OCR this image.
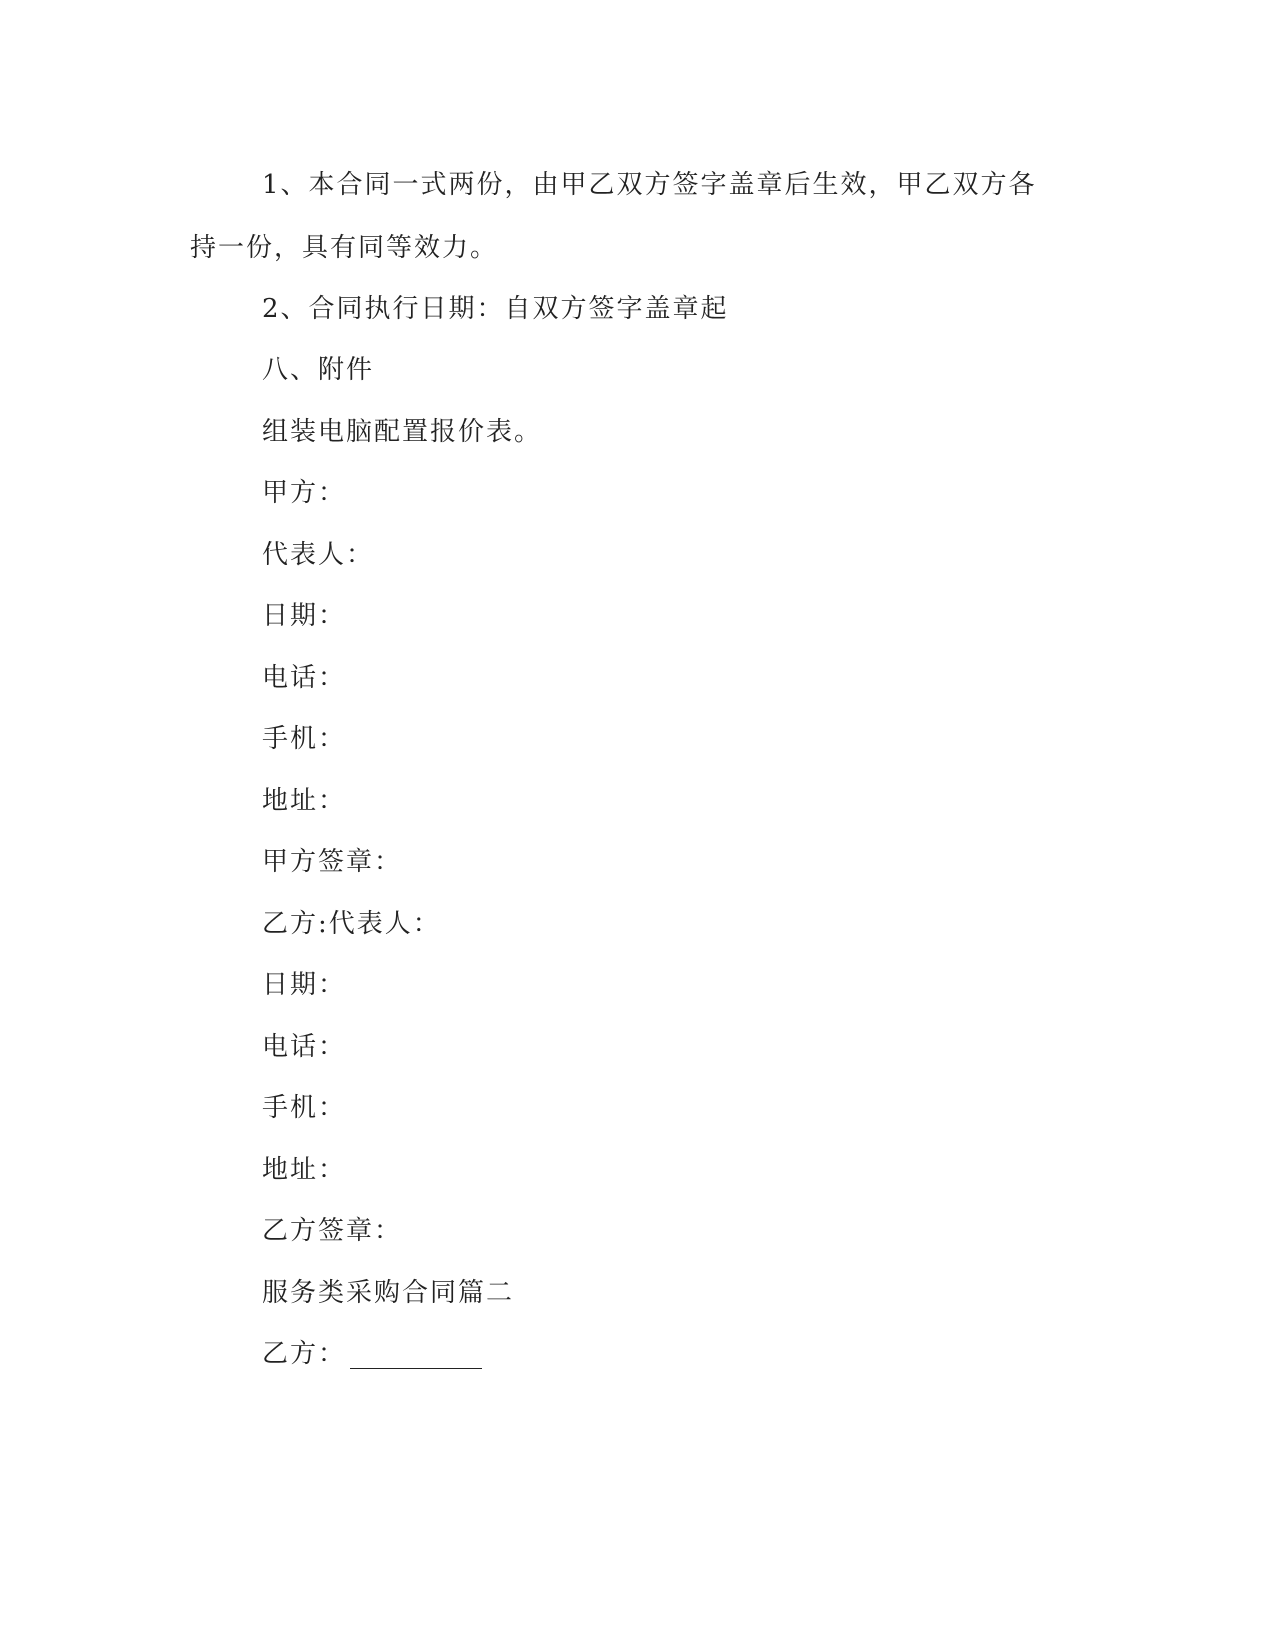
1、本合同一式两份，由甲乙双方签字盖章后生效，甲乙双方各

持一份，具有同等效力。

2、合同执行日期：自双方签字盖章起

八、附件

组装电脑配置报价表。

甲方：

代表人：

日期：

电话：

手机：

地址：

甲方签章：

乙方:代表人：

日期：

电话：

手机：

地址：

乙方签章：

服务类采购合同篇二

乙方：
